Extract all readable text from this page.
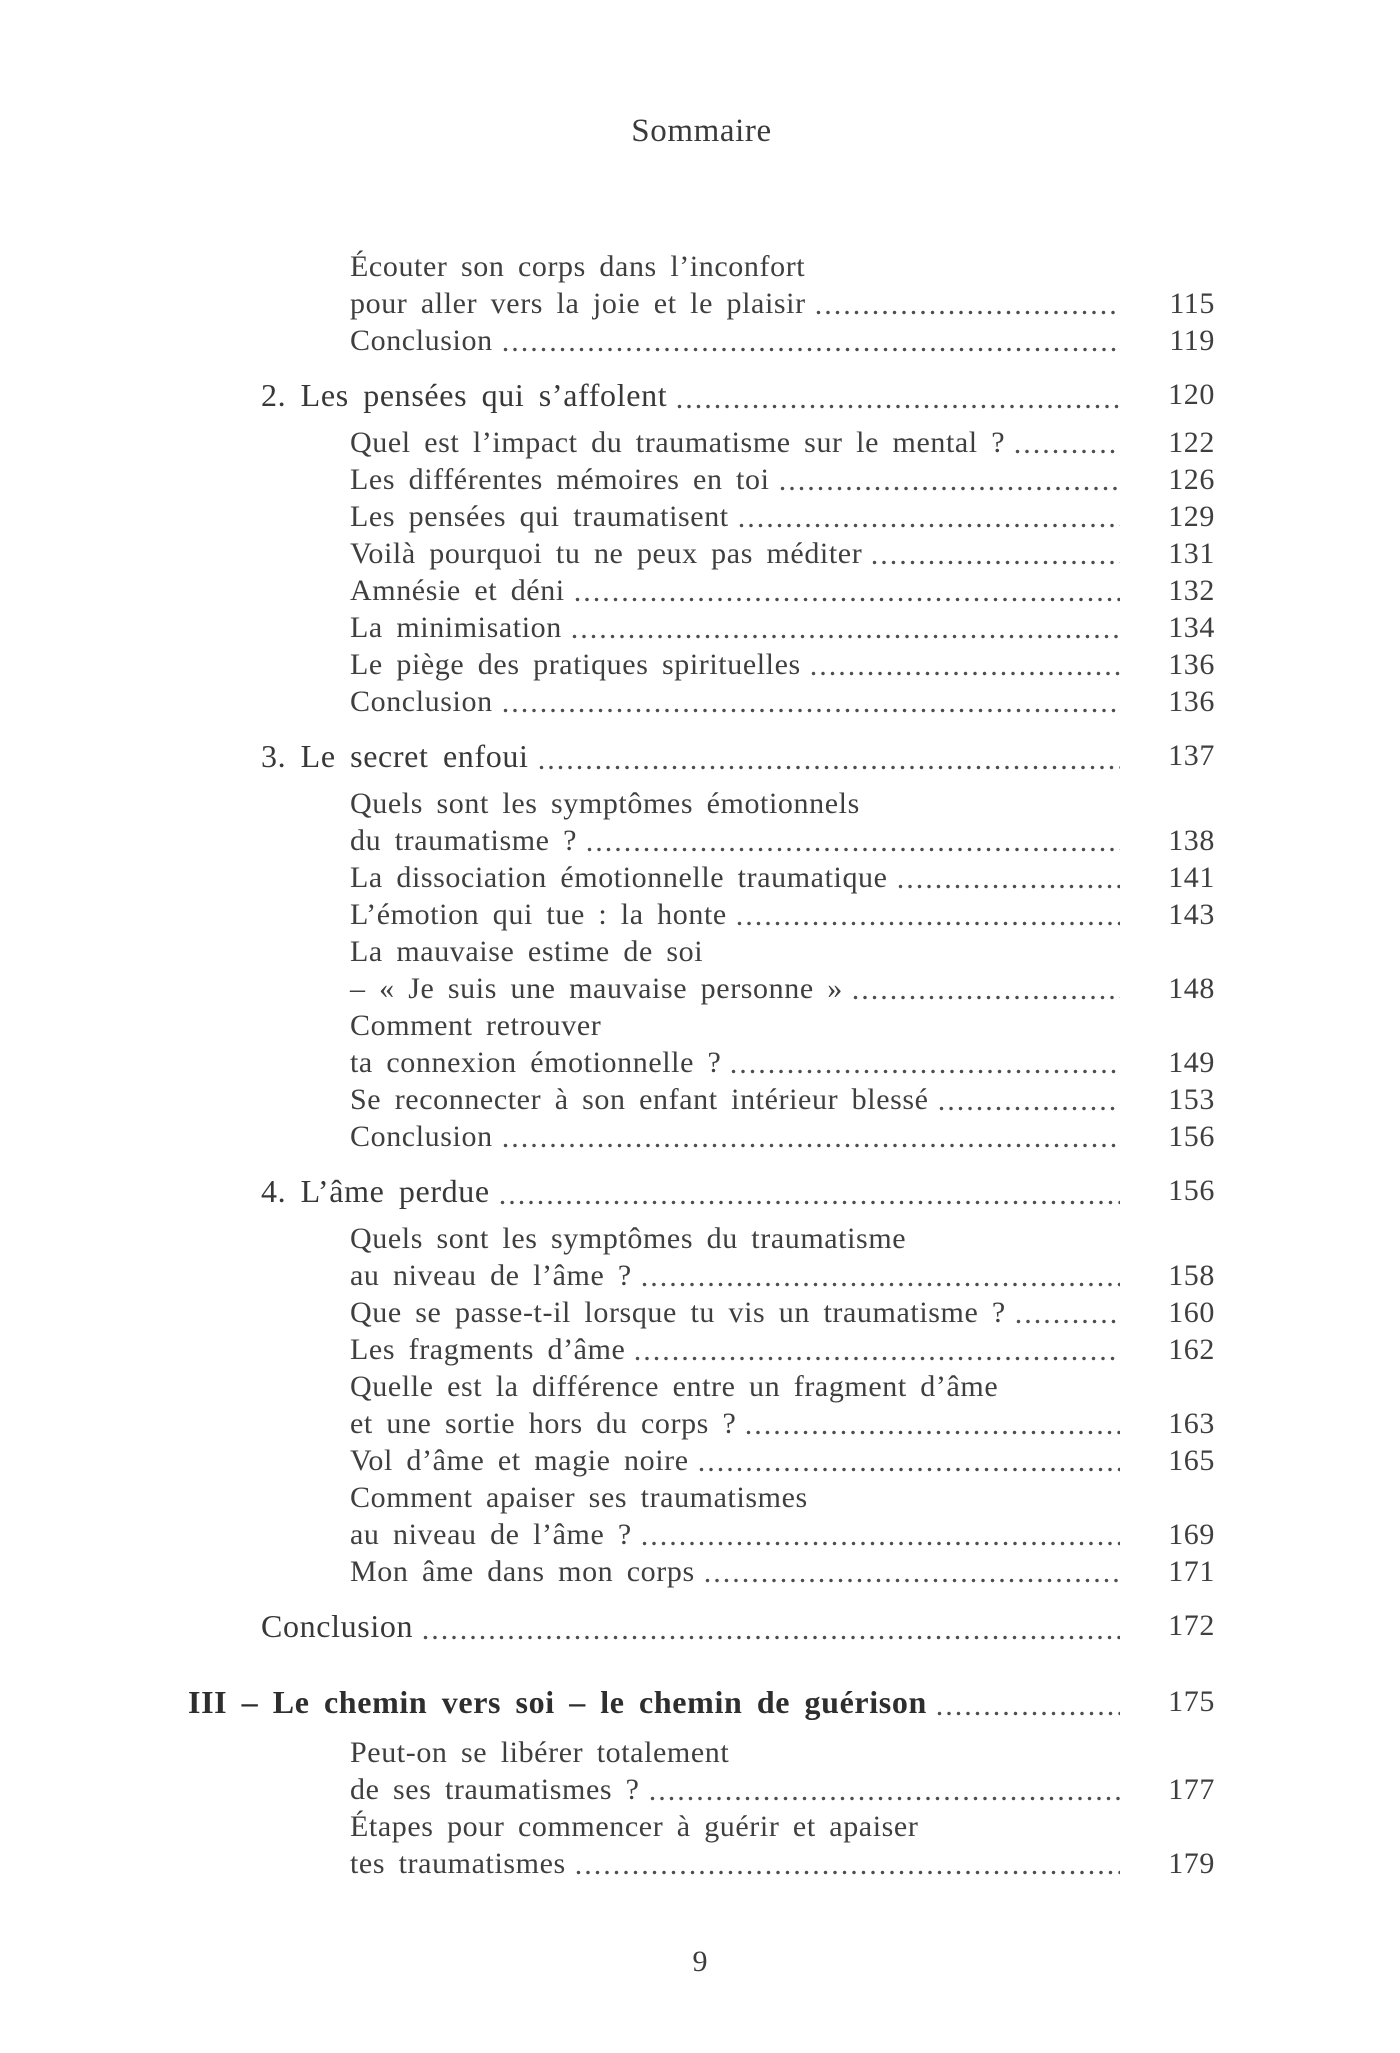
Sommaire
Écouter son corps dans l’inconfort
pour aller vers la joie et le plaisir	115
Conclusion	119
2. Les pensées qui s’affolent	120
Quel est l’impact du traumatisme sur le mental ?	122
Les différentes mémoires en toi	126
Les pensées qui traumatisent	129
Voilà pourquoi tu ne peux pas méditer	131
Amnésie et déni	132
La minimisation	134
Le piège des pratiques spirituelles	136
Conclusion	136
3. Le secret enfoui	137
Quels sont les symptômes émotionnels
du traumatisme ?	138
La dissociation émotionnelle traumatique	141
L’émotion qui tue : la honte	143
La mauvaise estime de soi
– « Je suis une mauvaise personne »	148
Comment retrouver
ta connexion émotionnelle ?	149
Se reconnecter à son enfant intérieur blessé	153
Conclusion	156
4. L’âme perdue	156
Quels sont les symptômes du traumatisme
au niveau de l’âme ?	158
Que se passe-t-il lorsque tu vis un traumatisme ?	160
Les fragments d’âme	162
Quelle est la différence entre un fragment d’âme
et une sortie hors du corps ?	163
Vol d’âme et magie noire	165
Comment apaiser ses traumatismes
au niveau de l’âme ?	169
Mon âme dans mon corps	171
Conclusion	172
III – Le chemin vers soi – le chemin de guérison	175
Peut-on se libérer totalement
de ses traumatismes ?	177
Étapes pour commencer à guérir et apaiser
tes traumatismes	179
9
